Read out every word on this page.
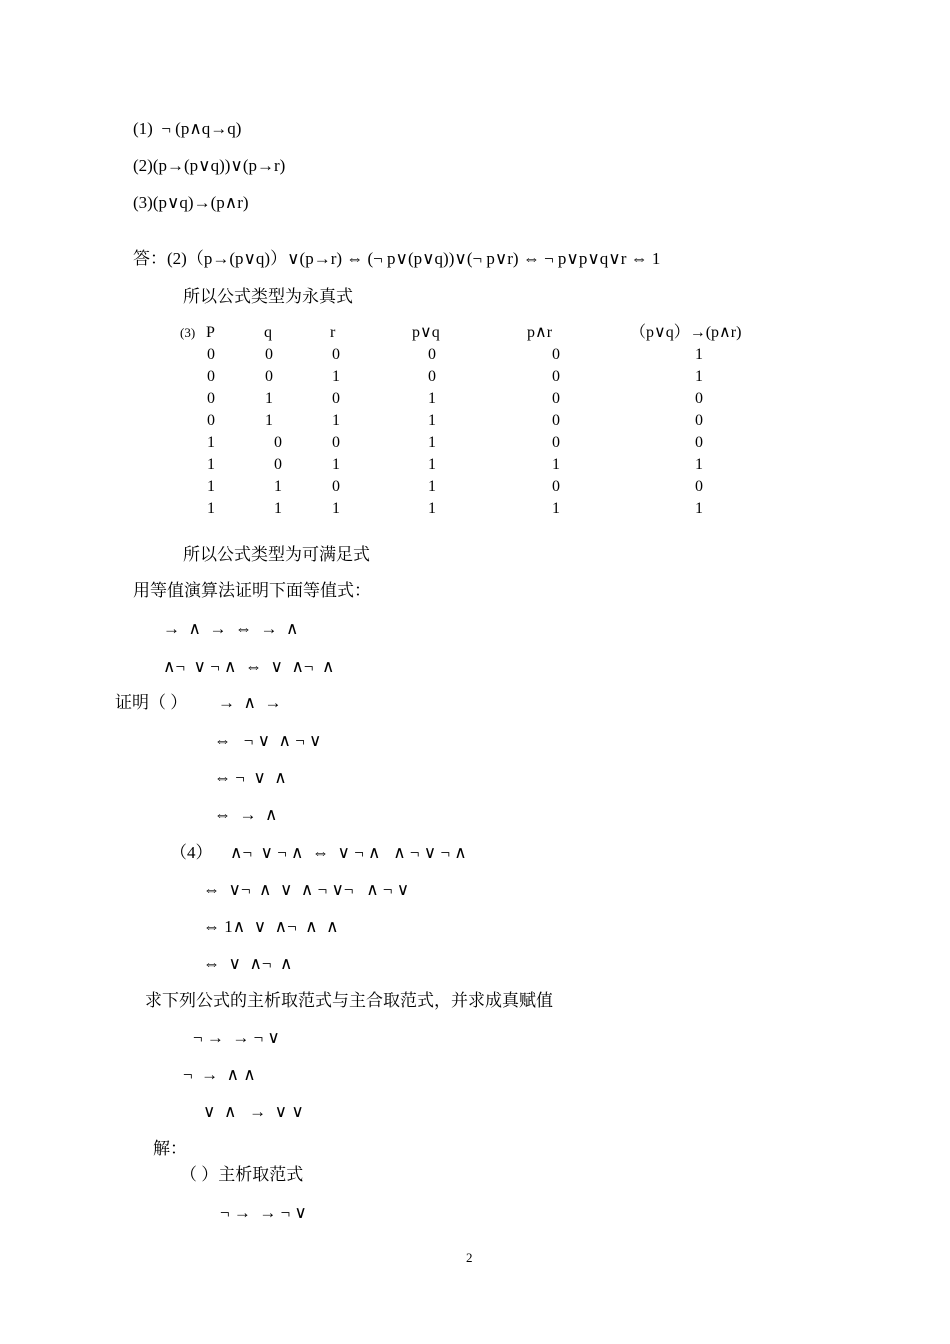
(1)  ¬ (p∧q→q)
(2)(p→(p∨q))∨(p→r)
(3)(p∨q)→(p∧r)
答：(2)（p→(p∨q)）∨(p→r) ⇔ (¬ p∨(p∨q))∨(¬ p∨r) ⇔ ¬ p∨p∨q∨r ⇔ 1
所以公式类型为永真式
(3) P	q	r	p∨q	p∧r	（p∨q）→(p∧r)
0	0	0	0	0	1
0	0	1	0	0	1
0	1	0	1	0	0
0	1	1	1	0	0
1	0	0	1	0	0
1	0	1	1	1	1
1	1	0	1	0	0
1	1	1	1	1	1
所以公式类型为可满足式
用等值演算法证明下面等值式：
→  ∧  →  ⇔  →  ∧
∧¬  ∨ ¬ ∧  ⇔  ∨  ∧¬  ∧
证明（ ） →  ∧  →
⇔   ¬ ∨  ∧ ¬ ∨
⇔ ¬  ∨  ∧
⇔  →  ∧
（4） ∧¬  ∨ ¬ ∧  ⇔  ∨ ¬ ∧   ∧ ¬ ∨ ¬ ∧
⇔  ∨¬  ∧  ∨  ∧ ¬ ∨¬   ∧ ¬ ∨
⇔ 1∧  ∨  ∧¬  ∧  ∧
⇔  ∨  ∧¬  ∧
求下列公式的主析取范式与主合取范式，并求成真赋值
¬ →  → ¬ ∨
¬  →  ∧ ∧
∨  ∧   →  ∨ ∨
解：
（ ）主析取范式
¬ →  → ¬ ∨
2
